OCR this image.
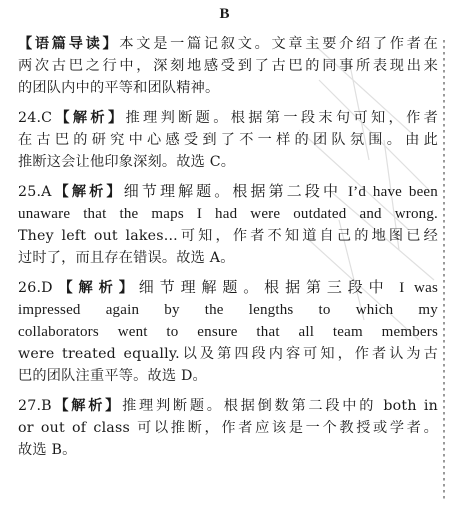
B
【语篇导读】本文是一篇记叙文。文章主要介绍了作者在
两次古巴之行中，深刻地感受到了古巴的同事所表现出来
的团队内中的平等和团队精神。
24.C【解析】推理判断题。根据第一段末句可知，作者
在古巴的研究中心感受到了不一样的团队氛围。由此
推断这会让他印象深刻。故选 C。
25.A【解析】细节理解题。根据第二段中 I’d have been
unaware that the maps I had were outdated and wrong.
They left out lakes...可知，作者不知道自己的地图已经
过时了，而且存在错误。故选 A。
26.D【解析】细节理解题。根据第三段中 I was
impressed again by the lengths to which my
collaborators went to ensure that all team members
were treated equally.以及第四段内容可知，作者认为古
巴的团队注重平等。故选 D。
27.B【解析】推理判断题。根据倒数第二段中的 both in
or out of class 可以推断，作者应该是一个教授或学者。
故选 B。
